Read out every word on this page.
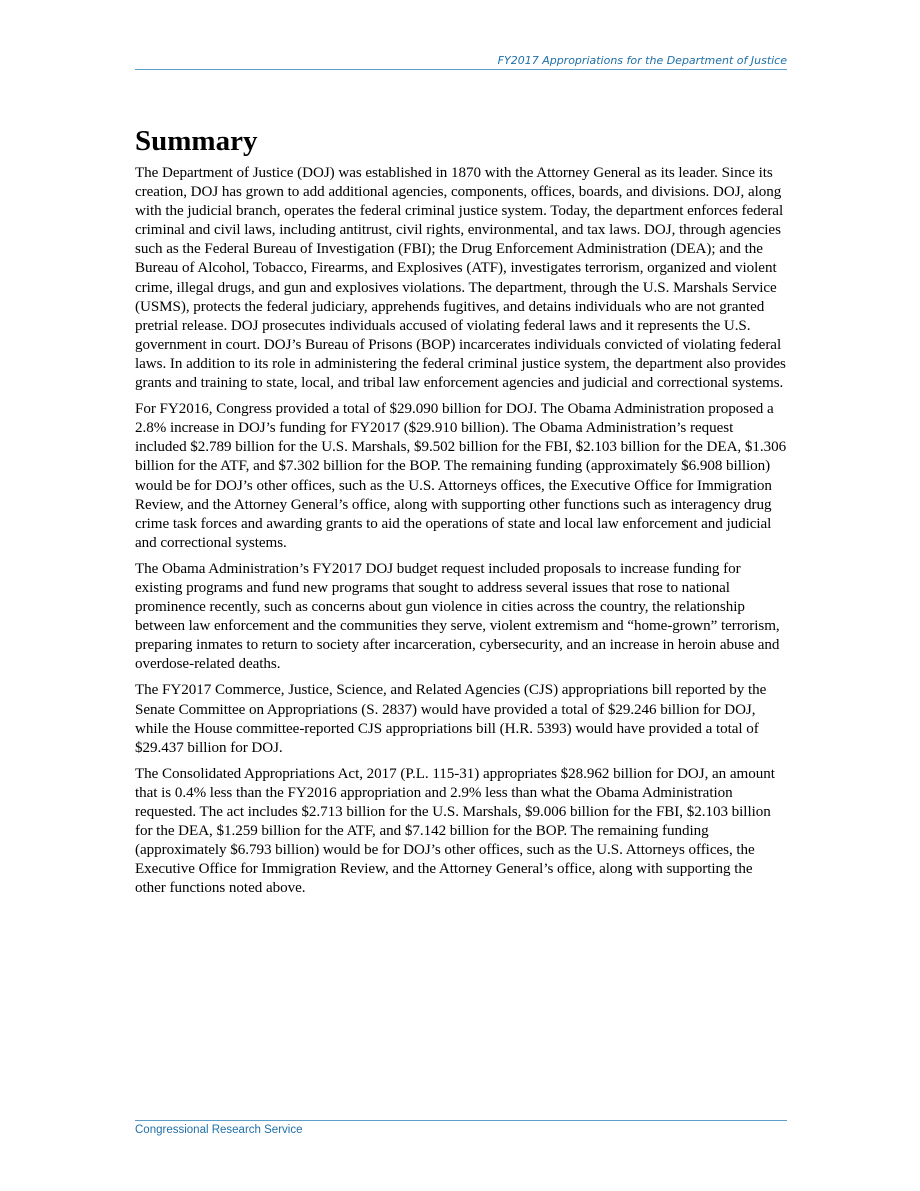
FY2017 Appropriations for the Department of Justice
Summary

The Department of Justice (DOJ) was established in 1870 with the Attorney General as its leader. Since its creation, DOJ has grown to add additional agencies, components, offices, boards, and divisions. DOJ, along with the judicial branch, operates the federal criminal justice system. Today, the department enforces federal criminal and civil laws, including antitrust, civil rights, environmental, and tax laws. DOJ, through agencies such as the Federal Bureau of Investigation (FBI); the Drug Enforcement Administration (DEA); and the Bureau of Alcohol, Tobacco, Firearms, and Explosives (ATF), investigates terrorism, organized and violent crime, illegal drugs, and gun and explosives violations. The department, through the U.S. Marshals Service (USMS), protects the federal judiciary, apprehends fugitives, and detains individuals who are not granted pretrial release. DOJ prosecutes individuals accused of violating federal laws and it represents the U.S. government in court. DOJ’s Bureau of Prisons (BOP) incarcerates individuals convicted of violating federal laws. In addition to its role in administering the federal criminal justice system, the department also provides grants and training to state, local, and tribal law enforcement agencies and judicial and correctional systems.

For FY2016, Congress provided a total of $29.090 billion for DOJ. The Obama Administration proposed a 2.8% increase in DOJ’s funding for FY2017 ($29.910 billion). The Obama Administration’s request included $2.789 billion for the U.S. Marshals, $9.502 billion for the FBI, $2.103 billion for the DEA, $1.306 billion for the ATF, and $7.302 billion for the BOP. The remaining funding (approximately $6.908 billion) would be for DOJ’s other offices, such as the U.S. Attorneys offices, the Executive Office for Immigration Review, and the Attorney General’s office, along with supporting other functions such as interagency drug crime task forces and awarding grants to aid the operations of state and local law enforcement and judicial and correctional systems.

The Obama Administration’s FY2017 DOJ budget request included proposals to increase funding for existing programs and fund new programs that sought to address several issues that rose to national prominence recently, such as concerns about gun violence in cities across the country, the relationship between law enforcement and the communities they serve, violent extremism and “home-grown” terrorism, preparing inmates to return to society after incarceration, cybersecurity, and an increase in heroin abuse and overdose-related deaths.

The FY2017 Commerce, Justice, Science, and Related Agencies (CJS) appropriations bill reported by the Senate Committee on Appropriations (S. 2837) would have provided a total of $29.246 billion for DOJ, while the House committee-reported CJS appropriations bill (H.R. 5393) would have provided a total of $29.437 billion for DOJ.

The Consolidated Appropriations Act, 2017 (P.L. 115-31) appropriates $28.962 billion for DOJ, an amount that is 0.4% less than the FY2016 appropriation and 2.9% less than what the Obama Administration requested. The act includes $2.713 billion for the U.S. Marshals, $9.006 billion for the FBI, $2.103 billion for the DEA, $1.259 billion for the ATF, and $7.142 billion for the BOP. The remaining funding (approximately $6.793 billion) would be for DOJ’s other offices, such as the U.S. Attorneys offices, the Executive Office for Immigration Review, and the Attorney General’s office, along with supporting the other functions noted above.

Congressional Research Service
